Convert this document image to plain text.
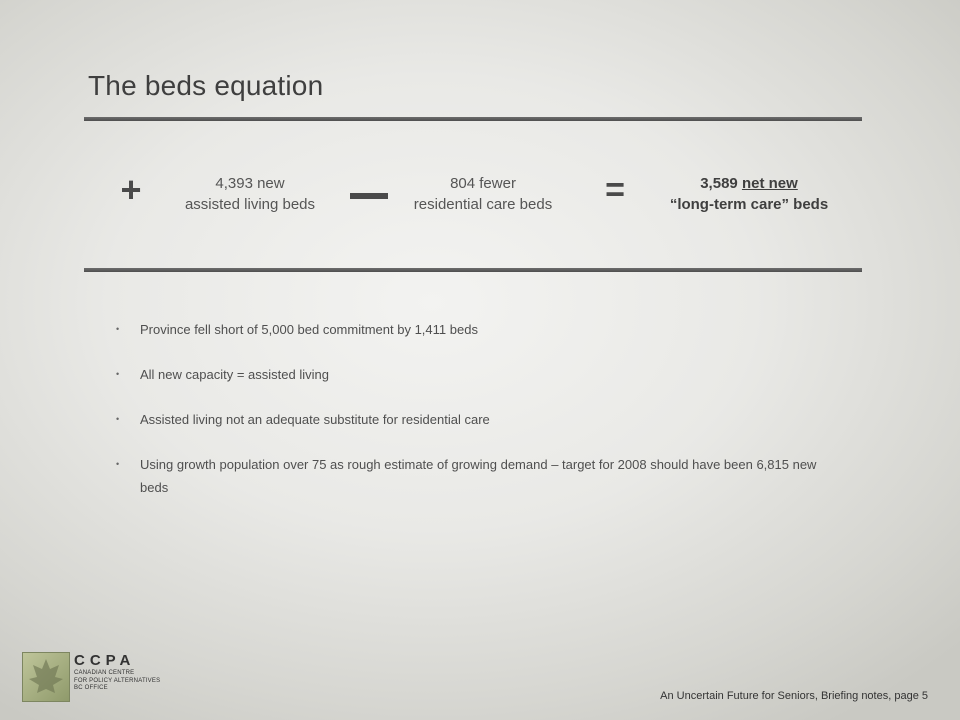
The beds equation
+	4,393 new
assisted living beds
804 fewer
residential care beds	=	3,589 net new
“long-term care” beds
• Province fell short of 5,000 bed commitment by 1,411 beds
• All new capacity = assisted living
• Assisted living not an adequate substitute for residential care
• Using growth population over 75 as rough estimate of growing demand – target for 2008 should have been 6,815 new beds
CCPA
CANADIAN CENTRE
FOR POLICY ALTERNATIVES
BC OFFICE
An Uncertain Future for Seniors, Briefing notes, page 5
